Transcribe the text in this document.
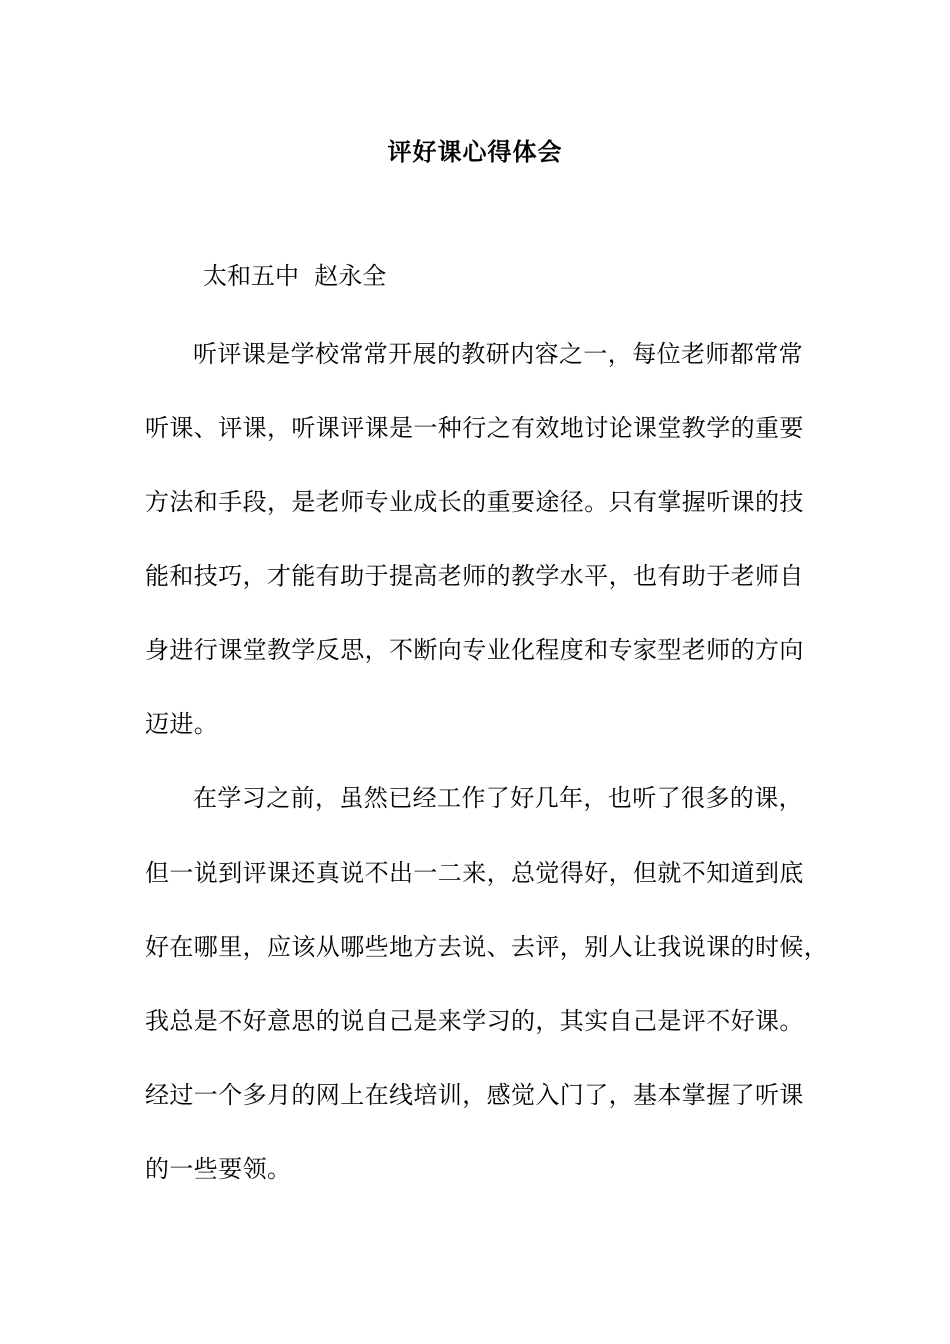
评好课心得体会
太和五中  赵永全
听评课是学校常常开展的教研内容之一，每位老师都常常
听课、评课，听课评课是一种行之有效地讨论课堂教学的重要
方法和手段，是老师专业成长的重要途径。只有掌握听课的技
能和技巧，才能有助于提高老师的教学水平，也有助于老师自
身进行课堂教学反思，不断向专业化程度和专家型老师的方向
迈进。
在学习之前，虽然已经工作了好几年，也听了很多的课，
但一说到评课还真说不出一二来，总觉得好，但就不知道到底
好在哪里，应该从哪些地方去说、去评，别人让我说课的时候，
我总是不好意思的说自己是来学习的，其实自己是评不好课。
经过一个多月的网上在线培训，感觉入门了，基本掌握了听课
的一些要领。
